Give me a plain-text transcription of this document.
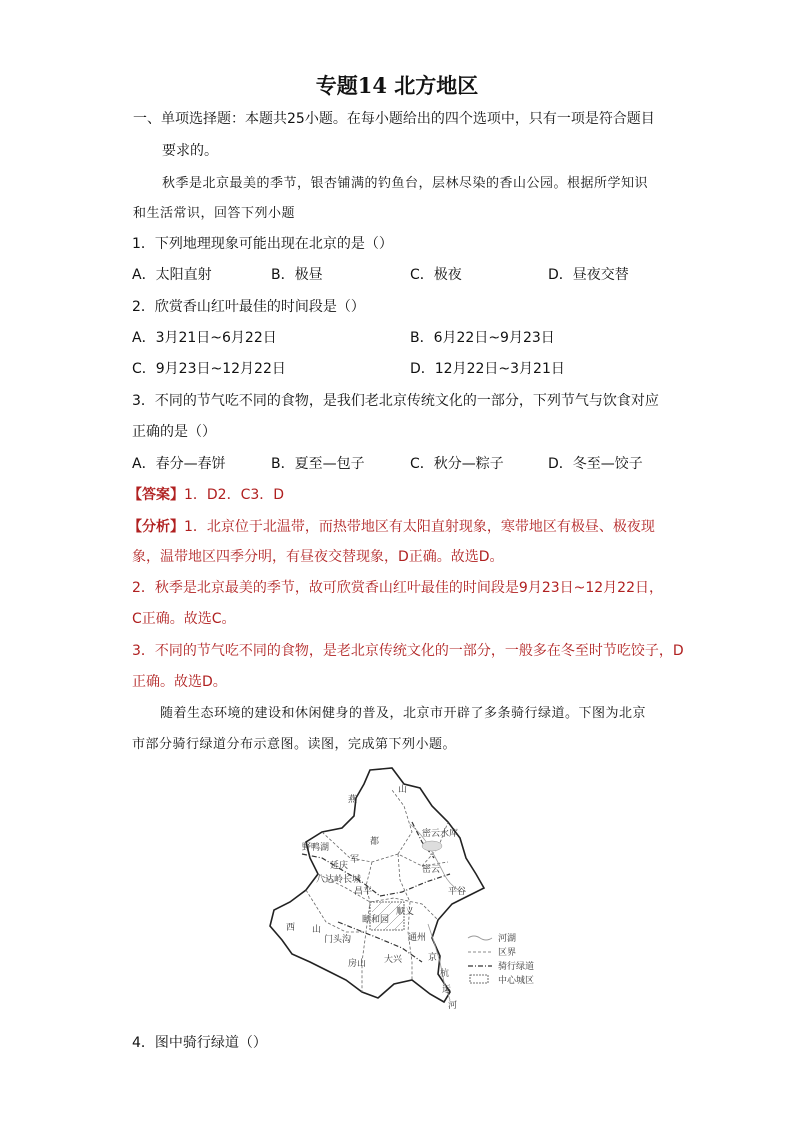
专题14 北方地区
一、单项选择题：本题共25小题。在每小题给出的四个选项中，只有一项是符合题目
要求的。
秋季是北京最美的季节，银杏铺满的钓鱼台，层林尽染的香山公园。根据所学知识
和生活常识，回答下列小题
1．下列地理现象可能出现在北京的是（）
A．太阳直射	B．极昼	C．极夜	D．昼夜交替
2．欣赏香山红叶最佳的时间段是（）
A．3月21日~6月22日	B．6月22日~9月23日
C．9月23日~12月22日	D．12月22日~3月21日
3．不同的节气吃不同的食物，是我们老北京传统文化的一部分，下列节气与饮食对应
正确的是（）
A．春分—春饼	B．夏至—包子	C．秋分—粽子	D．冬至—饺子
【答案】1．D2．C3．D
【分析】1．北京位于北温带，而热带地区有太阳直射现象，寒带地区有极昼、极夜现
象，温带地区四季分明，有昼夜交替现象，D正确。故选D。
2．秋季是北京最美的季节，故可欣赏香山红叶最佳的时间段是9月23日~12月22日，
C正确。故选C。
3．不同的节气吃不同的食物，是老北京传统文化的一部分，一般多在冬至时节吃饺子，D
正确。故选D。
随着生态环境的建设和休闲健身的普及，北京市开辟了多条骑行绿道。下图为北京
市部分骑行绿道分布示意图。读图，完成第下列小题。
燕
山
军
都
西 山
杭
运
河
京
延庆	密云
平谷
昌平
顺义
房山 大兴
通州
门头沟
密云水库
颐和园
八达岭长城
野鸭湖
河湖
区界
骑行绿道
中心城区
4．图中骑行绿道（）
